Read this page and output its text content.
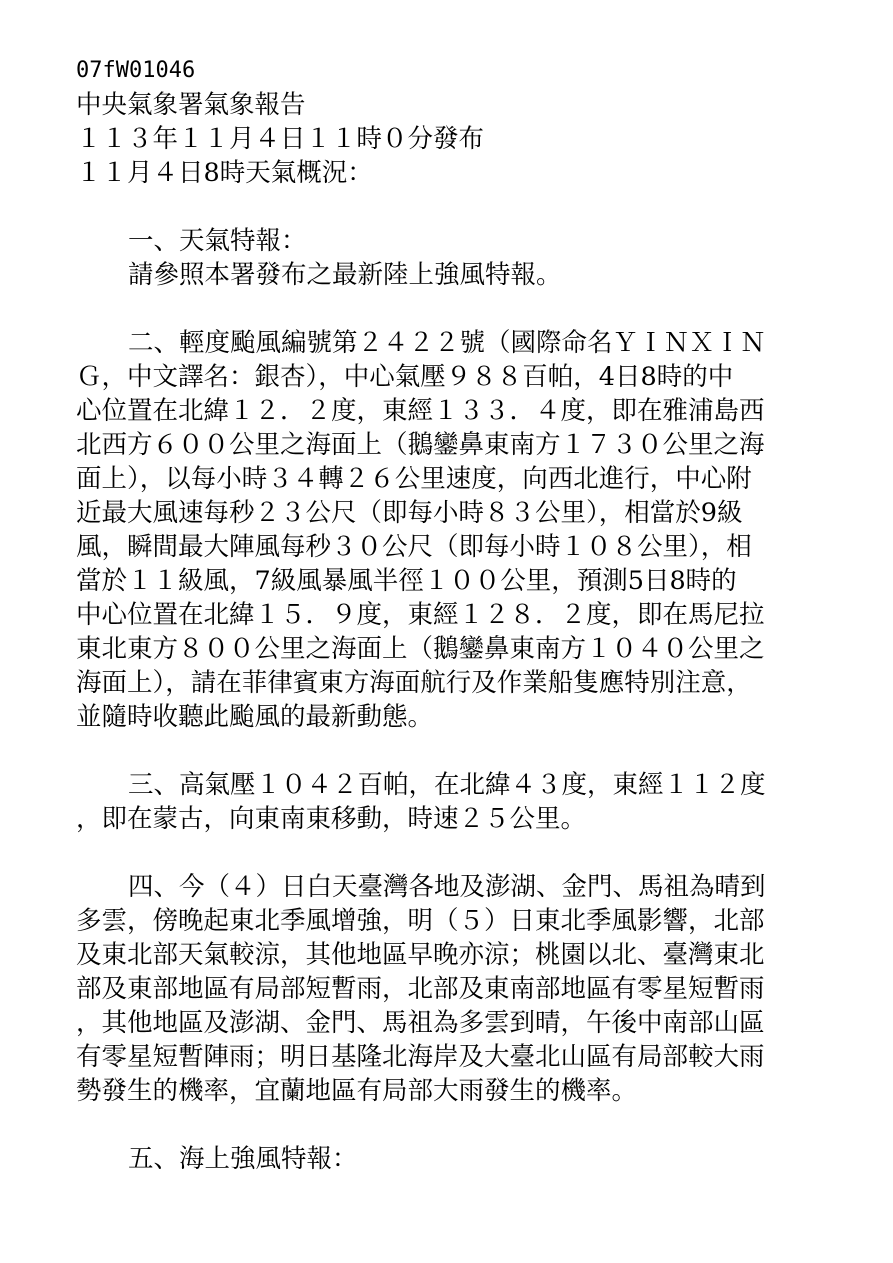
07fW01046
中央氣象署氣象報告
１１３年１１月４日１１時０分發布
１１月４日8時天氣概況：
一、天氣特報：
請參照本署發布之最新陸上強風特報。
二、輕度颱風編號第２４２２號（國際命名ＹＩＮＸＩＮ
Ｇ，中文譯名：銀杏），中心氣壓９８８百帕，4日8時的中
心位置在北緯１２．２度，東經１３３．４度，即在雅浦島西
北西方６００公里之海面上（鵝鑾鼻東南方１７３０公里之海
面上），以每小時３４轉２６公里速度，向西北進行，中心附
近最大風速每秒２３公尺（即每小時８３公里），相當於9級
風，瞬間最大陣風每秒３０公尺（即每小時１０８公里），相
當於１１級風，7級風暴風半徑１００公里，預測5日8時的
中心位置在北緯１５．９度，東經１２８．２度，即在馬尼拉
東北東方８００公里之海面上（鵝鑾鼻東南方１０４０公里之
海面上），請在菲律賓東方海面航行及作業船隻應特別注意，
並隨時收聽此颱風的最新動態。
三、高氣壓１０４２百帕，在北緯４３度，東經１１２度
，即在蒙古，向東南東移動，時速２５公里。
四、今（４）日白天臺灣各地及澎湖、金門、馬祖為晴到
多雲，傍晚起東北季風增強，明（５）日東北季風影響，北部
及東北部天氣較涼，其他地區早晚亦涼；桃園以北、臺灣東北
部及東部地區有局部短暫雨，北部及東南部地區有零星短暫雨
，其他地區及澎湖、金門、馬祖為多雲到晴，午後中南部山區
有零星短暫陣雨；明日基隆北海岸及大臺北山區有局部較大雨
勢發生的機率，宜蘭地區有局部大雨發生的機率。
五、海上強風特報：
